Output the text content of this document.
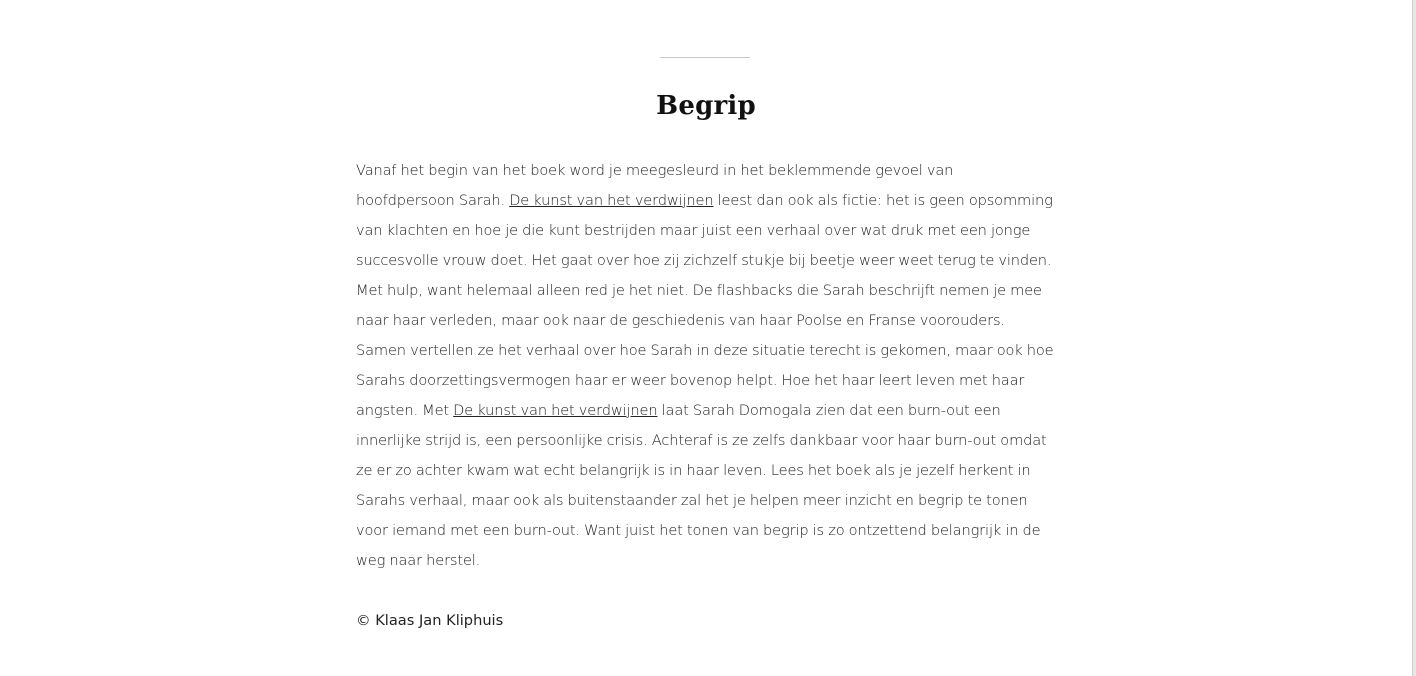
Begrip

Vanaf het begin van het boek word je meegesleurd in het beklemmende gevoel van hoofdpersoon Sarah. De kunst van het verdwijnen leest dan ook als fictie: het is geen opsomming van klachten en hoe je die kunt bestrijden maar juist een verhaal over wat druk met een jonge succesvolle vrouw doet. Het gaat over hoe zij zichzelf stukje bij beetje weer weet terug te vinden. Met hulp, want helemaal alleen red je het niet. De flashbacks die Sarah beschrijft nemen je mee naar haar verleden, maar ook naar de geschiedenis van haar Poolse en Franse voorouders. Samen vertellen ze het verhaal over hoe Sarah in deze situatie terecht is gekomen, maar ook hoe Sarahs doorzettingsvermogen haar er weer bovenop helpt. Hoe het haar leert leven met haar angsten. Met De kunst van het verdwijnen laat Sarah Domogala zien dat een burn-out een innerlijke strijd is, een persoonlijke crisis. Achteraf is ze zelfs dankbaar voor haar burn-out omdat ze er zo achter kwam wat echt belangrijk is in haar leven. Lees het boek als je jezelf herkent in Sarahs verhaal, maar ook als buitenstaander zal het je helpen meer inzicht en begrip te tonen voor iemand met een burn-out. Want juist het tonen van begrip is zo ontzettend belangrijk in de weg naar herstel.

© Klaas Jan Kliphuis
